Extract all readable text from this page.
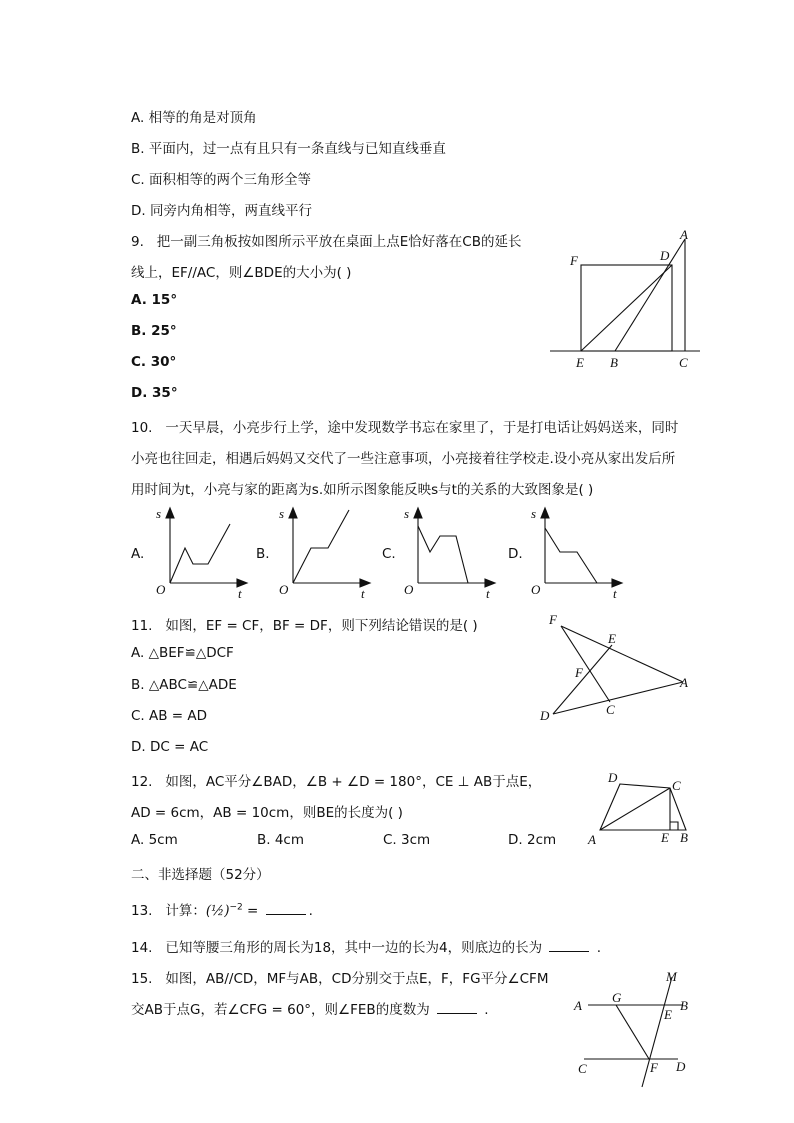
A. 相等的角是对顶角
B. 平面内，过一点有且只有一条直线与已知直线垂直
C. 面积相等的两个三角形全等
D. 同旁内角相等，两直线平行
9. 把一副三角板按如图所示平放在桌面上点E恰好落在CB的延长
线上，EF//AC，则∠BDE的大小为( )
A. 15°
B. 25°
C. 30°
D. 35°
A
D
F
E B	C
10. 一天早晨，小亮步行上学，途中发现数学书忘在家里了，于是打电话让妈妈送来，同时
小亮也往回走，相遇后妈妈又交代了一些注意事项，小亮接着往学校走.设小亮从家出发后所
用时间为t，小亮与家的距离为s.如所示图象能反映s与t的关系的大致图象是( )
A.	B.	C.	D.
s
t
O
s
t
O
s
t
O
s
t
O
11. 如图，EF = CF，BF = DF，则下列结论错误的是( )
A. △BEF≌△DCF
B. △ABC≌△ADE
C. AB = AD
D. DC = AC
F
E
F
A
D	C
12. 如图，AC平分∠BAD，∠B + ∠D = 180°，CE ⊥ AB于点E，
AD = 6cm，AB = 10cm，则BE的长度为( )
A. 5cm	B. 4cm	C. 3cm	D. 2cm
D
C
A	E B
二、非选择题（52分）
13. 计算：(½)$^{-2}$ =	.
14. 已知等腰三角形的周长为18，其中一边的长为4，则底边的长为	.
15. 如图，AB//CD，MF与AB，CD分别交于点E，F，FG平分∠CFM
交AB于点G，若∠CFG = 60°，则∠FEB的度数为	.
M
A
G
B
E
C	F D
